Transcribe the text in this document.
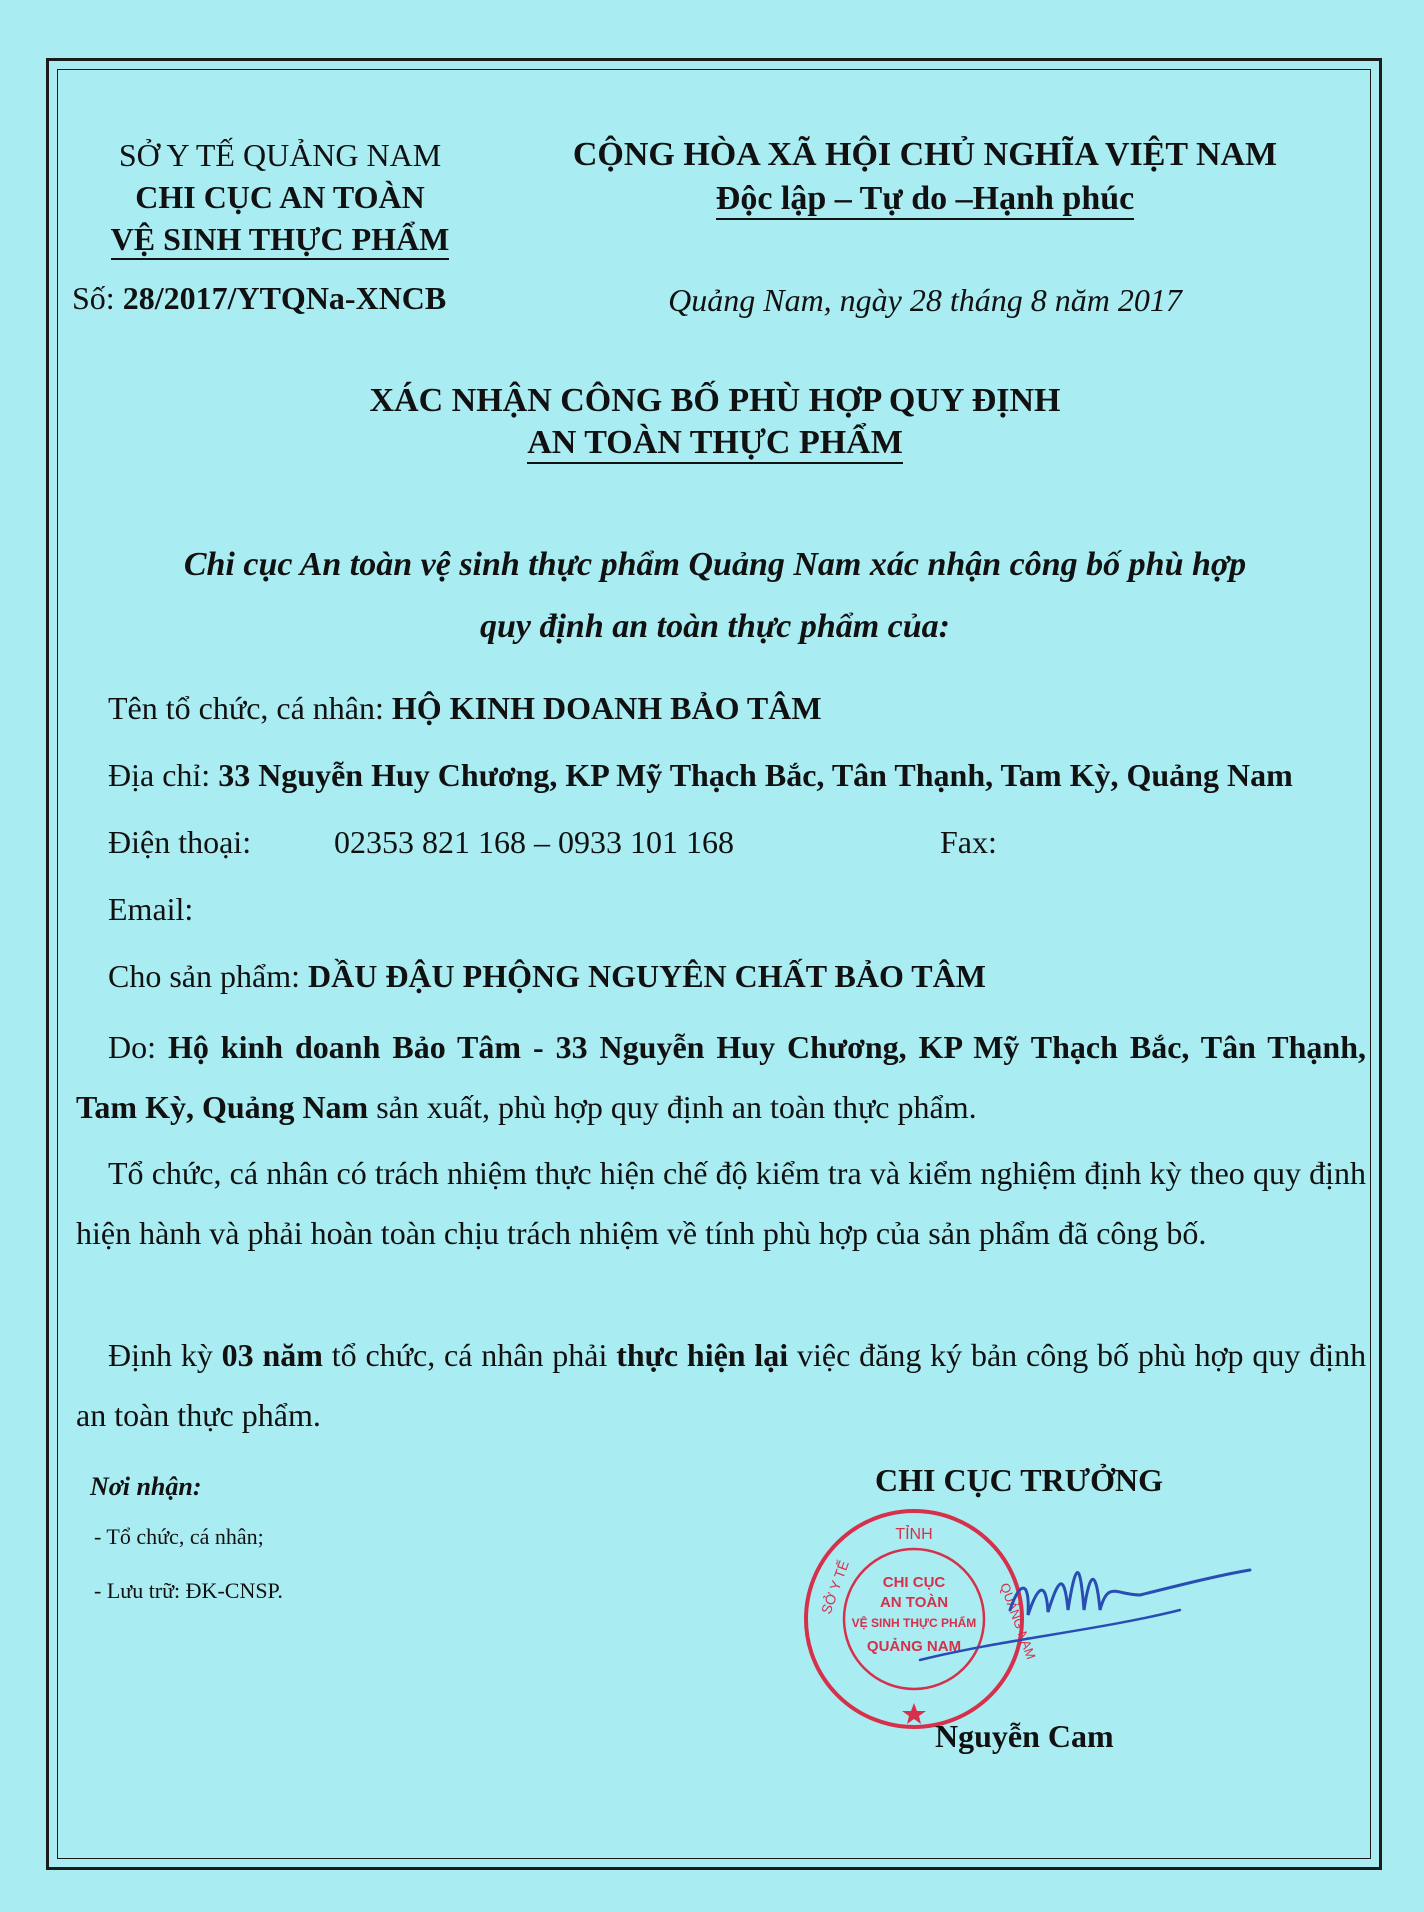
SỞ Y TẾ QUẢNG NAM
CHI CỤC AN TOÀN
VỆ SINH THỰC PHẨM
Số: 28/2017/YTQNa-XNCB
CỘNG HÒA XÃ HỘI CHỦ NGHĨA VIỆT NAM
Độc lập – Tự do –Hạnh phúc
Quảng Nam, ngày 28 tháng 8 năm 2017
XÁC NHẬN CÔNG BỐ PHÙ HỢP QUY ĐỊNH
AN TOÀN THỰC PHẨM
Chi cục An toàn vệ sinh thực phẩm Quảng Nam xác nhận công bố phù hợp
quy định an toàn thực phẩm của:
Tên tổ chức, cá nhân: HỘ KINH DOANH BẢO TÂM
Địa chỉ: 33 Nguyễn Huy Chương, KP Mỹ Thạch Bắc, Tân Thạnh, Tam Kỳ, Quảng Nam
Điện thoại:	02353 821 168 – 0933 101 168	Fax:
Email:
Cho sản phẩm: DẦU ĐẬU PHỘNG NGUYÊN CHẤT BẢO TÂM
Do: Hộ kinh doanh Bảo Tâm - 33 Nguyễn Huy Chương, KP Mỹ Thạch Bắc, Tân Thạnh, Tam Kỳ, Quảng Nam sản xuất, phù hợp quy định an toàn thực phẩm.
Tổ chức, cá nhân có trách nhiệm thực hiện chế độ kiểm tra và kiểm nghiệm định kỳ theo quy định hiện hành và phải hoàn toàn chịu trách nhiệm về tính phù hợp của sản phẩm đã công bố.
Định kỳ 03 năm tổ chức, cá nhân phải thực hiện lại việc đăng ký bản công bố phù hợp quy định an toàn thực phẩm.
Nơi nhận:
- Tổ chức, cá nhân;
- Lưu trữ: ĐK-CNSP.
CHI CỤC TRƯỞNG
TỈNH
CHI CỤC
AN TOÀN
VỆ SINH THỰC PHẨM
QUẢNG NAM
SỞ Y TẾ	QUẢNG NAM
Nguyễn Cam
